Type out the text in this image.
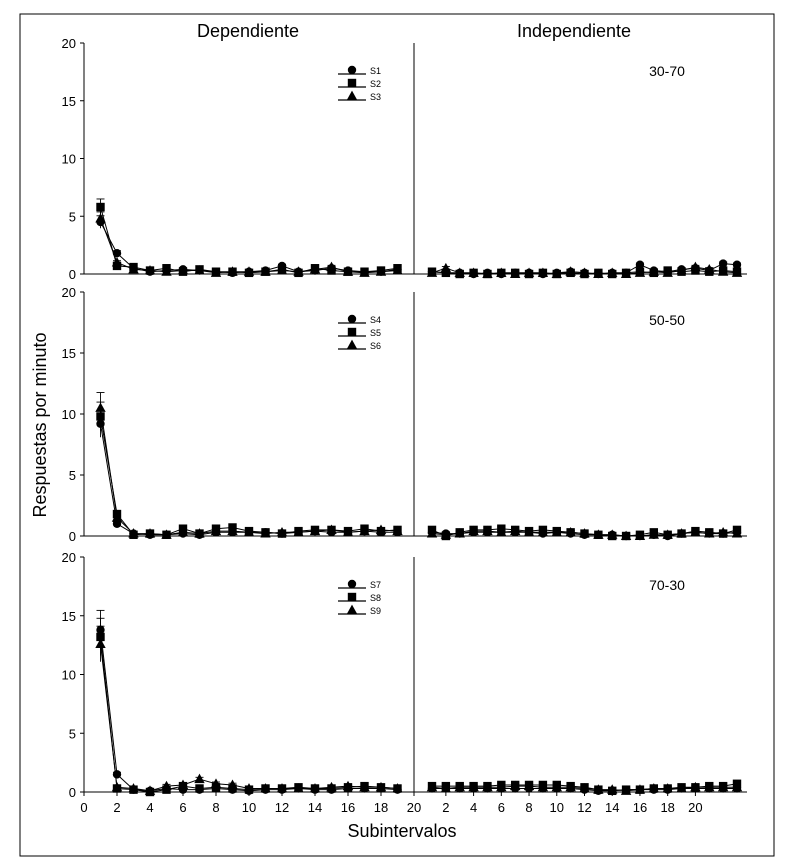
Dependiente	Independiente
Respuestas por minuto
Subintervalos
0
5
10
15
20
30-70
S1
S2
S3
0
5
10
15
20
50-50
S4
S5
S6
0
5
10
15
20
70-30
S7
S8
S9
0 2 4 6 8 10 12 14 16 18 20 2 4 6 8 10 12 14 16 18 20
